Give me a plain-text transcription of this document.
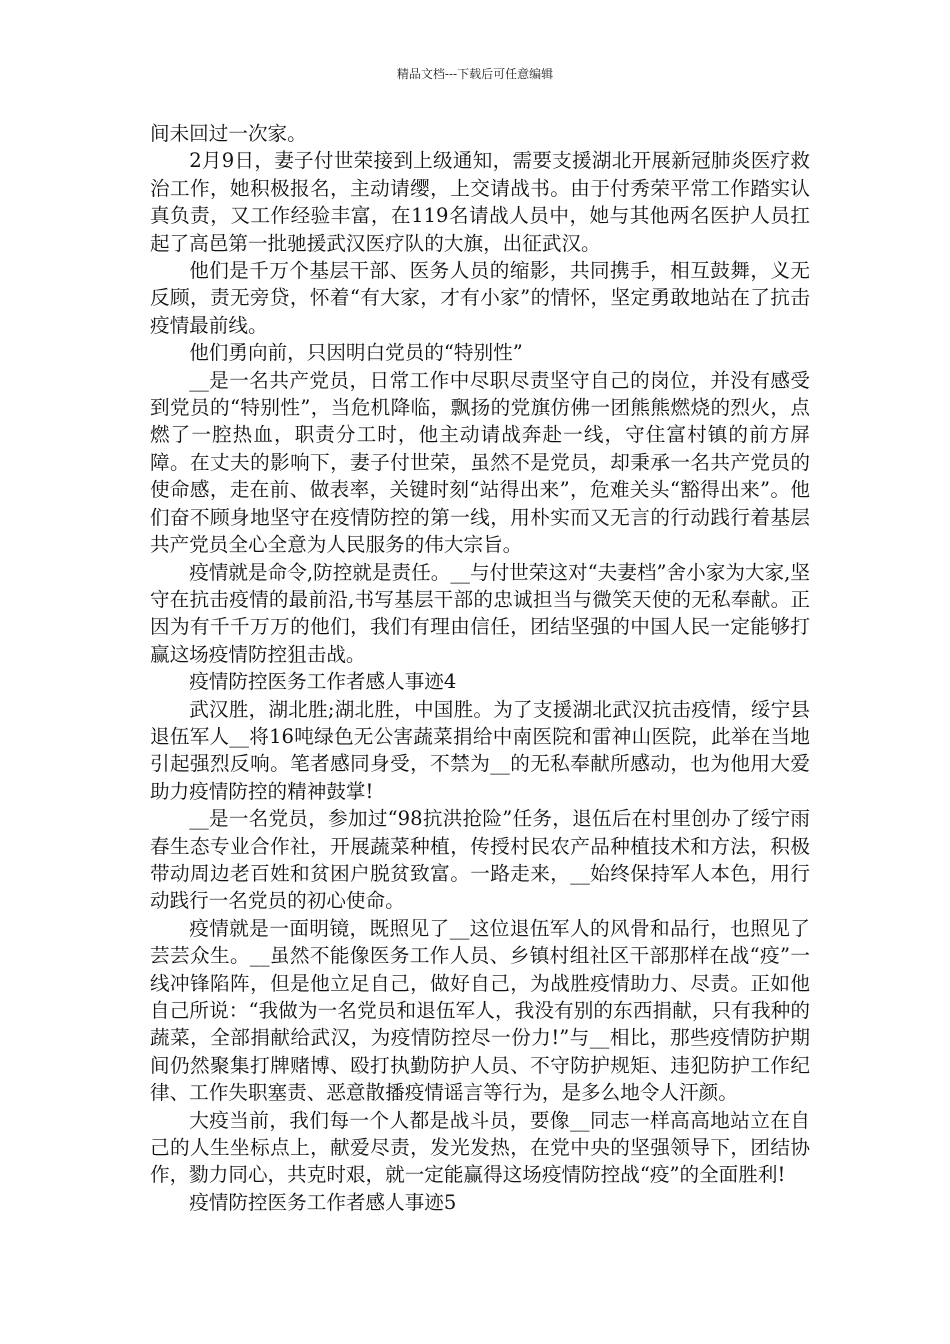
精品文档---下载后可任意编辑

间未回过一次家。

2月9日，妻子付世荣接到上级通知，需要支援湖北开展新冠肺炎医疗救治工作，她积极报名，主动请缨，上交请战书。由于付秀荣平常工作踏实认真负责，又工作经验丰富，在119名请战人员中，她与其他两名医护人员扛起了高邑第一批驰援武汉医疗队的大旗，出征武汉。

他们是千万个基层干部、医务人员的缩影，共同携手，相互鼓舞，义无反顾，责无旁贷，怀着“有大家，才有小家”的情怀，坚定勇敢地站在了抗击疫情最前线。

他们勇向前，只因明白党员的“特别性”

__是一名共产党员，日常工作中尽职尽责坚守自己的岗位，并没有感受到党员的“特别性”，当危机降临，飘扬的党旗仿佛一团熊熊燃烧的烈火，点燃了一腔热血，职责分工时，他主动请战奔赴一线，守住富村镇的前方屏障。在丈夫的影响下，妻子付世荣，虽然不是党员，却秉承一名共产党员的使命感，走在前、做表率，关键时刻“站得出来”，危难关头“豁得出来”。他们奋不顾身地坚守在疫情防控的第一线，用朴实而又无言的行动践行着基层共产党员全心全意为人民服务的伟大宗旨。

疫情就是命令,防控就是责任。__与付世荣这对“夫妻档”舍小家为大家,坚守在抗击疫情的最前沿,书写基层干部的忠诚担当与微笑天使的无私奉献。正因为有千千万万的他们，我们有理由信任，团结坚强的中国人民一定能够打赢这场疫情防控狙击战。

疫情防控医务工作者感人事迹4

武汉胜，湖北胜;湖北胜，中国胜。为了支援湖北武汉抗击疫情，绥宁县退伍军人__将16吨绿色无公害蔬菜捐给中南医院和雷神山医院，此举在当地引起强烈反响。笔者感同身受，不禁为__的无私奉献所感动，也为他用大爱助力疫情防控的精神鼓掌!

__是一名党员，参加过“98抗洪抢险”任务，退伍后在村里创办了绥宁雨春生态专业合作社，开展蔬菜种植，传授村民农产品种植技术和方法，积极带动周边老百姓和贫困户脱贫致富。一路走来，__始终保持军人本色，用行动践行一名党员的初心使命。

疫情就是一面明镜，既照见了__这位退伍军人的风骨和品行，也照见了芸芸众生。__虽然不能像医务工作人员、乡镇村组社区干部那样在战“疫”一线冲锋陷阵，但是他立足自己，做好自己，为战胜疫情助力、尽责。正如他自己所说：“我做为一名党员和退伍军人，我没有别的东西捐献，只有我种的蔬菜，全部捐献给武汉，为疫情防控尽一份力!”与__相比，那些疫情防护期间仍然聚集打牌赌博、殴打执勤防护人员、不守防护规矩、违犯防护工作纪律、工作失职塞责、恶意散播疫情谣言等行为，是多么地令人汗颜。

大疫当前，我们每一个人都是战斗员，要像__同志一样高高地站立在自己的人生坐标点上，献爱尽责，发光发热，在党中央的坚强领导下，团结协作，勠力同心，共克时艰，就一定能赢得这场疫情防控战“疫”的全面胜利!

疫情防控医务工作者感人事迹5
